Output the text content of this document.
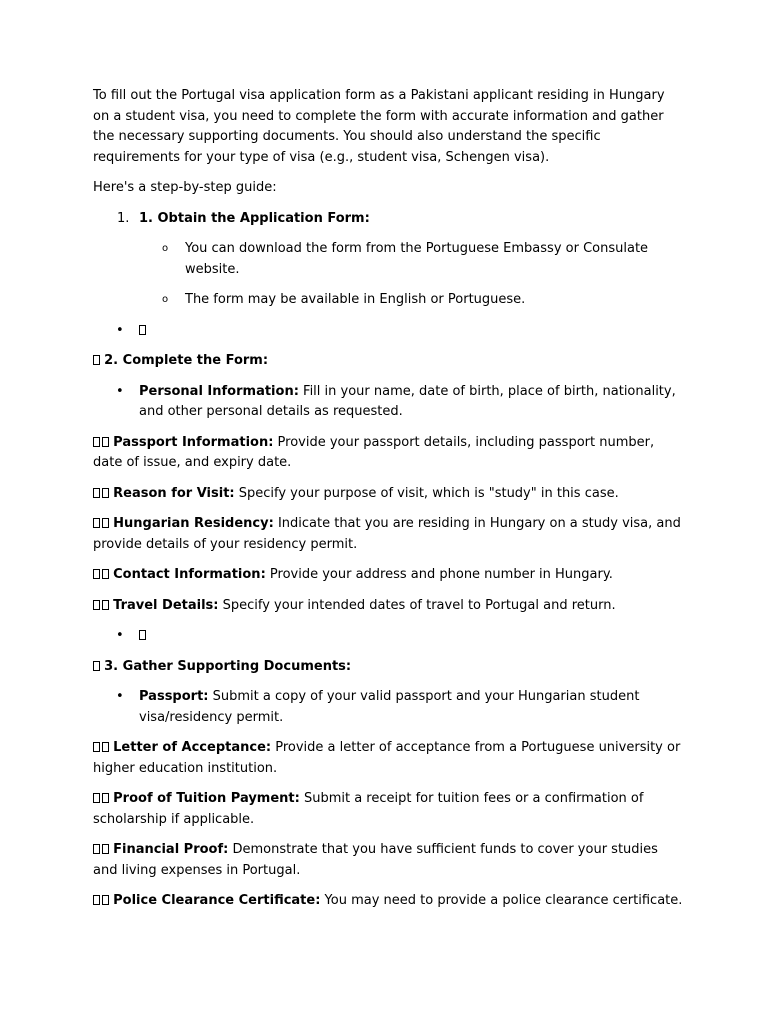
To fill out the Portugal visa application form as a Pakistani applicant residing in Hungary on a student visa, you need to complete the form with accurate information and gather the necessary supporting documents. You should also understand the specific requirements for your type of visa (e.g., student visa, Schengen visa).

Here's a step-by-step guide:

1. 1. Obtain the Application Form:
o You can download the form from the Portuguese Embassy or Consulate website.
o The form may be available in English or Portuguese.
•

2. Complete the Form:

• Personal Information: Fill in your name, date of birth, place of birth, nationality, and other personal details as requested.

Passport Information: Provide your passport details, including passport number, date of issue, and expiry date.

Reason for Visit: Specify your purpose of visit, which is "study" in this case.

Hungarian Residency: Indicate that you are residing in Hungary on a study visa, and provide details of your residency permit.

Contact Information: Provide your address and phone number in Hungary.

Travel Details: Specify your intended dates of travel to Portugal and return.

•

3. Gather Supporting Documents:

• Passport: Submit a copy of your valid passport and your Hungarian student visa/residency permit.

Letter of Acceptance: Provide a letter of acceptance from a Portuguese university or higher education institution.

Proof of Tuition Payment: Submit a receipt for tuition fees or a confirmation of scholarship if applicable.

Financial Proof: Demonstrate that you have sufficient funds to cover your studies and living expenses in Portugal.

Police Clearance Certificate: You may need to provide a police clearance certificate.
